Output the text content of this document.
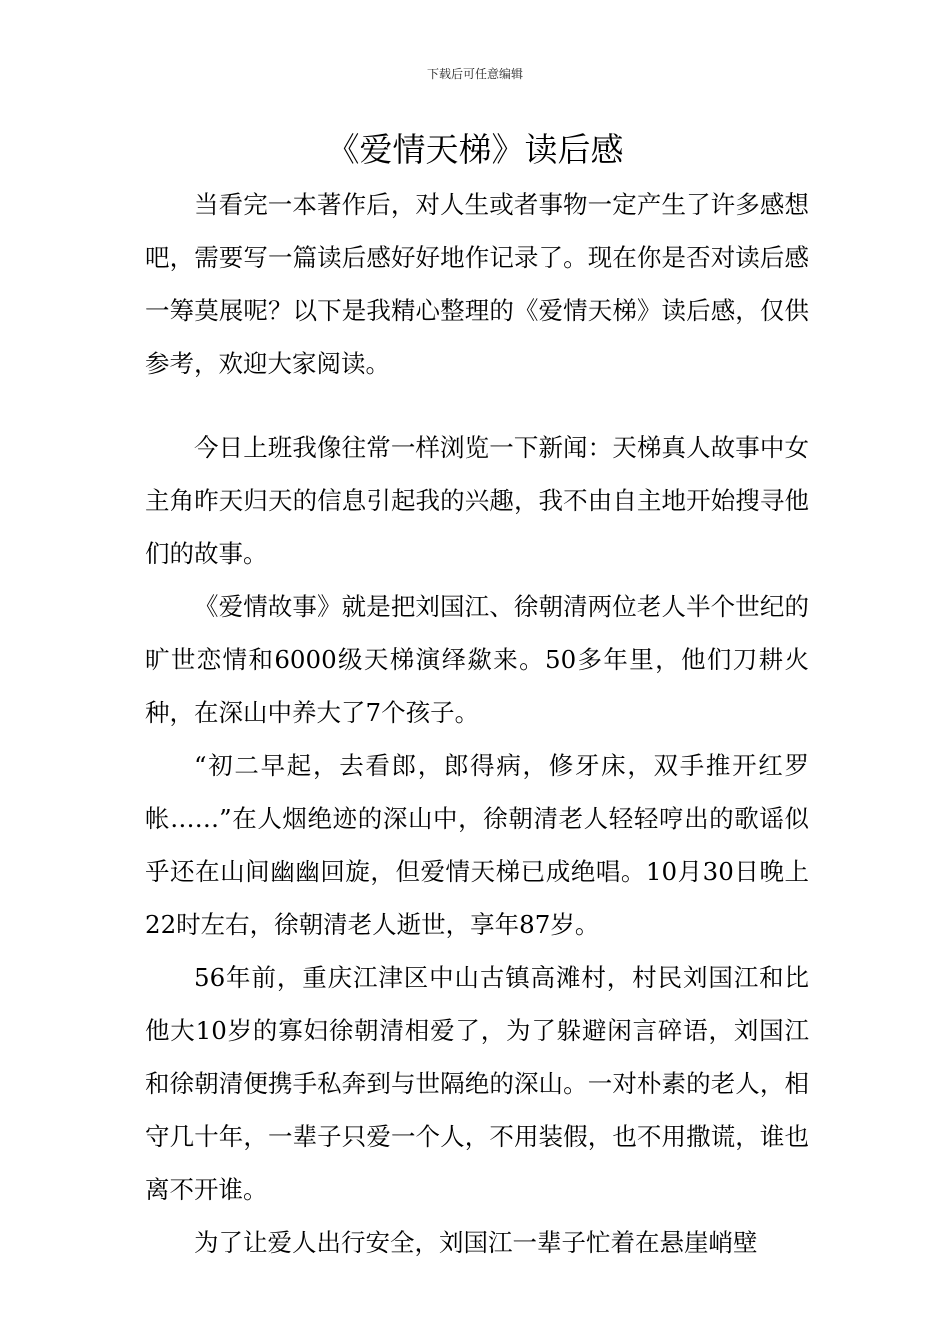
下载后可任意编辑
《爱情天梯》读后感

当看完一本著作后，对人生或者事物一定产生了许多感想吧，需要写一篇读后感好好地作记录了。现在你是否对读后感一筹莫展呢？以下是我精心整理的《爱情天梯》读后感，仅供参考，欢迎大家阅读。

今日上班我像往常一样浏览一下新闻：天梯真人故事中女主角昨天归天的信息引起我的兴趣，我不由自主地开始搜寻他们的故事。

《爱情故事》就是把刘国江、徐朝清两位老人半个世纪的旷世恋情和6000级天梯演绎歘来。50多年里，他们刀耕火种，在深山中养大了7个孩子。

“初二早起，去看郎，郎得病，修牙床，双手推开红罗帐……”在人烟绝迹的深山中，徐朝清老人轻轻哼出的歌谣似乎还在山间幽幽回旋，但爱情天梯已成绝唱。10月30日晚上22时左右，徐朝清老人逝世，享年87岁。

56年前，重庆江津区中山古镇高滩村，村民刘国江和比他大10岁的寡妇徐朝清相爱了，为了躲避闲言碎语，刘国江和徐朝清便携手私奔到与世隔绝的深山。一对朴素的老人，相守几十年，一辈子只爱一个人，不用装假，也不用撒谎，谁也离不开谁。

为了让爱人出行安全，刘国江一辈子忙着在悬崖峭壁
